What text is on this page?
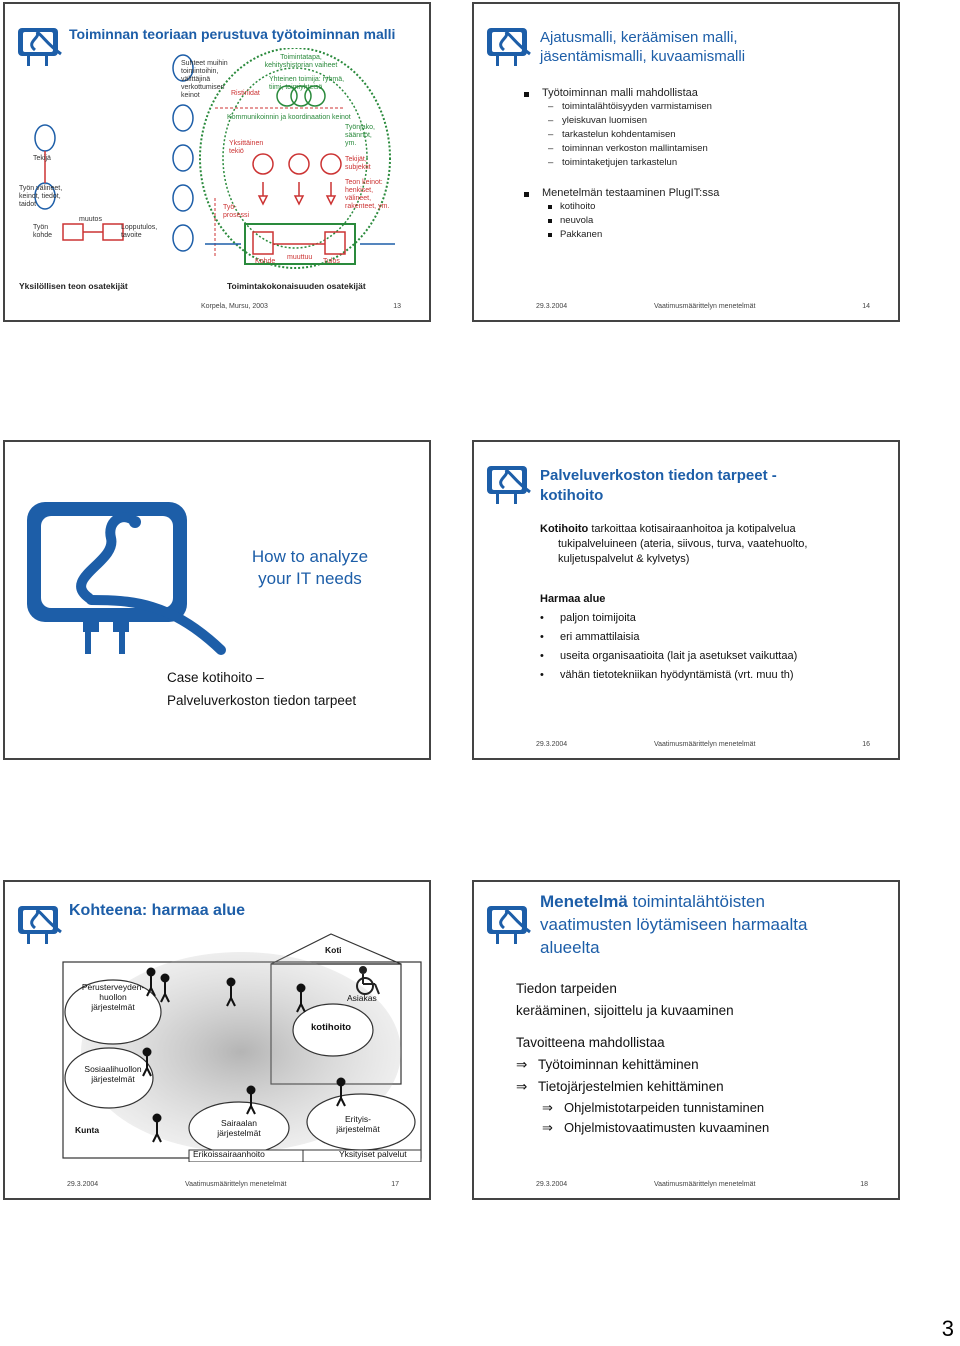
Toiminnan teoriaan perustuva työtoiminnan malli
Tekijä
Työn välineet, keinot, tiedot, taidot
Työn kohde
muutos
Lopputulos, tavoite
Suhteet muihin toimintoihin, välittäjinä verkottumisen keinot	Ristiriidat
Toimintatapa, kehityshistorian vaiheet
Yhteinen toimija: ryhmä, tiimi, toimiyhteisö
Kommunikoinnin ja koordinaation keinot
Työnjako, säännöt, ym.
Yksittäinen tekiö
Tekijät, subjektit
Teon keinot: henkiset, välineet, rakenteet, ym.
Työ-prosessi
Kohde
muuttuu
Tulos
Yksilöllisen teon osatekijät	Toimintakokonaisuuden osatekijät
Korpela, Mursu, 2003	13
Ajatusmalli, keräämisen malli,
jäsentämismalli, kuvaamismalli
Työtoiminnan malli mahdollistaa
– toimintalähtöisyyden varmistamisen
– yleiskuvan luomisen
– tarkastelun kohdentamisen
– toiminnan verkoston mallintamisen
– toimintaketjujen tarkastelun
Menetelmän testaaminen PlugIT:ssa
kotihoito
neuvola
Pakkanen
29.3.2004	Vaatimusmäärittelyn menetelmät	14
How to analyze
your IT needs
Case kotihoito –
Palveluverkoston tiedon tarpeet
Palveluverkoston tiedon tarpeet -
kotihoito
Kotihoito tarkoittaa kotisairaanhoitoa ja kotipalvelua
tukipalveluineen (ateria, siivous, turva, vaatehuolto,
kuljetuspalvelut & kylvetys)
Harmaa alue
• paljon toimijoita
• eri ammattilaisia
• useita organisaatioita (lait ja asetukset vaikuttaa)
• vähän tietotekniikan hyödyntämistä (vrt. muu th)
29.3.2004	Vaatimusmäärittelyn menetelmät	16
Kohteena: harmaa alue
Koti
Asiakas
kotihoito
Perusterveyden-huollon järjestelmät
Sosiaalihuollon järjestelmät
Kunta
Sairaalan järjestelmät
Erikoissairaanhoito
Erityis-järjestelmät
Yksityiset palvelut
29.3.2004	Vaatimusmäärittelyn menetelmät	17
Menetelmä toimintalähtöisten
vaatimusten löytämiseen harmaalta
alueelta
Tiedon tarpeiden
kerääminen, sijoittelu ja kuvaaminen
Tavoitteena mahdollistaa
⇒ Työtoiminnan kehittäminen
⇒ Tietojärjestelmien kehittäminen
⇒ Ohjelmistotarpeiden tunnistaminen
⇒ Ohjelmistovaatimusten kuvaaminen
29.3.2004	Vaatimusmäärittelyn menetelmät	18
3
